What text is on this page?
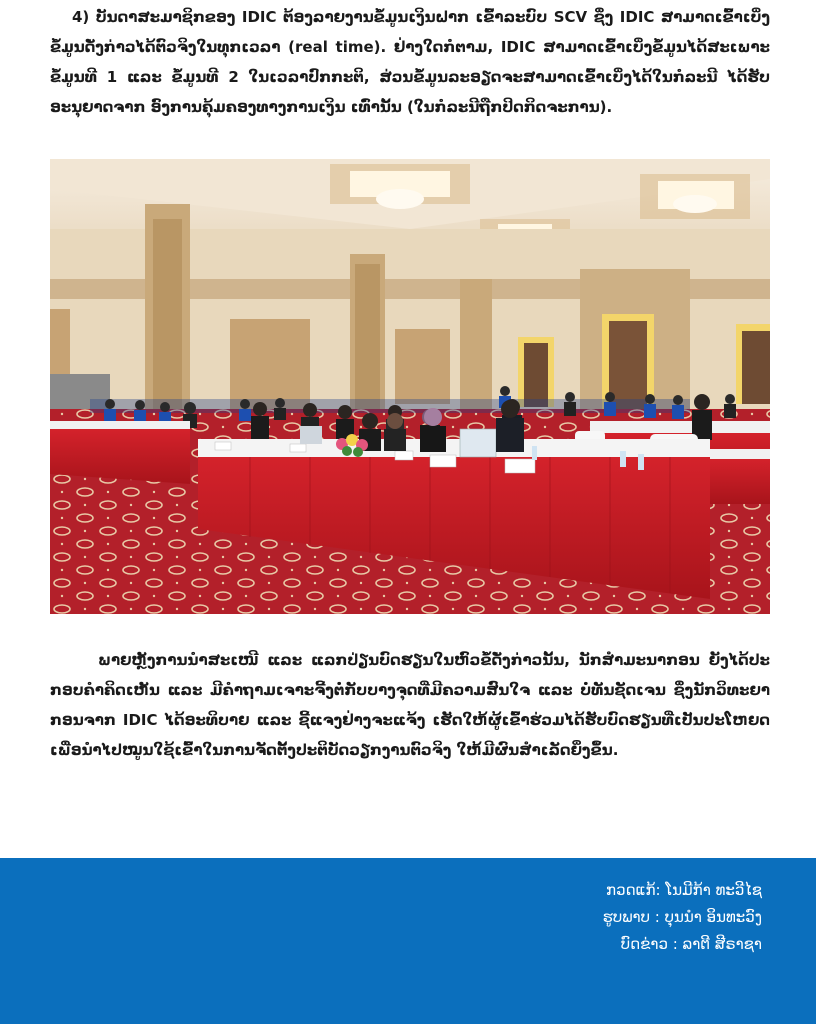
4) ບັນດາສະມາຊິກຂອງ IDIC ຕ້ອງລາຍງານຂໍ້ມູນເງິນຝາກ ເຂົ້າລະບົບ SCV ຊຶ່ງ IDIC ສາມາດເຂົ້າເບິ່ງຂໍ້ມູນດັ່ງກ່າວໄດ້ຕົວຈິງໃນທຸກເວລາ (real time). ຢ່າງໃດກໍຕາມ, IDIC ສາມາດເຂົ້າເບິ່ງຂໍ້ມູນໄດ້ສະເພາະ ຂໍ້ມູນທີ 1 ແລະ ຂໍ້ມູນທີ 2 ໃນເວລາປົກກະຕິ, ສ່ວນຂໍ້ມູນລະອຽດຈະສາມາດເຂົ້າເບິ່ງໄດ້ໃນກໍລະນີ ໄດ້ຮັບອະນຸຍາດຈາກ ອົງການຄຸ້ມຄອງທາງການເງິນ ເທົ່ານັ້ນ (ໃນກໍລະນີຖືກປິດກິດຈະການ).

ພາຍຫຼັງການນໍາສະເໜີ ແລະ ແລກປ່ຽນບົດຮຽນໃນຫົວຂໍ້ດັ່ງກ່າວນັ້ນ, ນັກສໍາມະນາກອນ ຍັງໄດ້ປະກອບຄໍາຄິດເຫັນ ແລະ ມີຄໍາຖາມເຈາະຈີ້ງຕໍ່ກັບບາງຈຸດທີ່ມີຄວາມສົນໃຈ ແລະ ບໍ່ທັນຊັດເຈນ ຊຶ່ງນັກວິທະຍາກອນຈາກ IDIC ໄດ້ອະທິບາຍ ແລະ ຊີ້ແຈງຢ່າງຈະແຈ້ງ ເຮັດໃຫ້ຜູ້ເຂົ້າຮ່ວມໄດ້ຮັບບົດຮຽນທີ່ເປັນປະໂຫຍດ ເພື່ອນໍາໄປໝູນໃຊ້ເຂົ້າໃນການຈັດຕັ້ງປະຕິບັດວຽກງານຕົວຈິງ ໃຫ້ມີຜົນສໍາເລັດຍິ່ງຂຶ້ນ.

ກວດແກ້: ໂນມີກ້າ ທະວີໄຊ
ຮູບພາບ : ບຸນນໍາ ອິນທະວົງ
ບົດຂ່າວ : ລາຕີ ສີຣາຊາ
